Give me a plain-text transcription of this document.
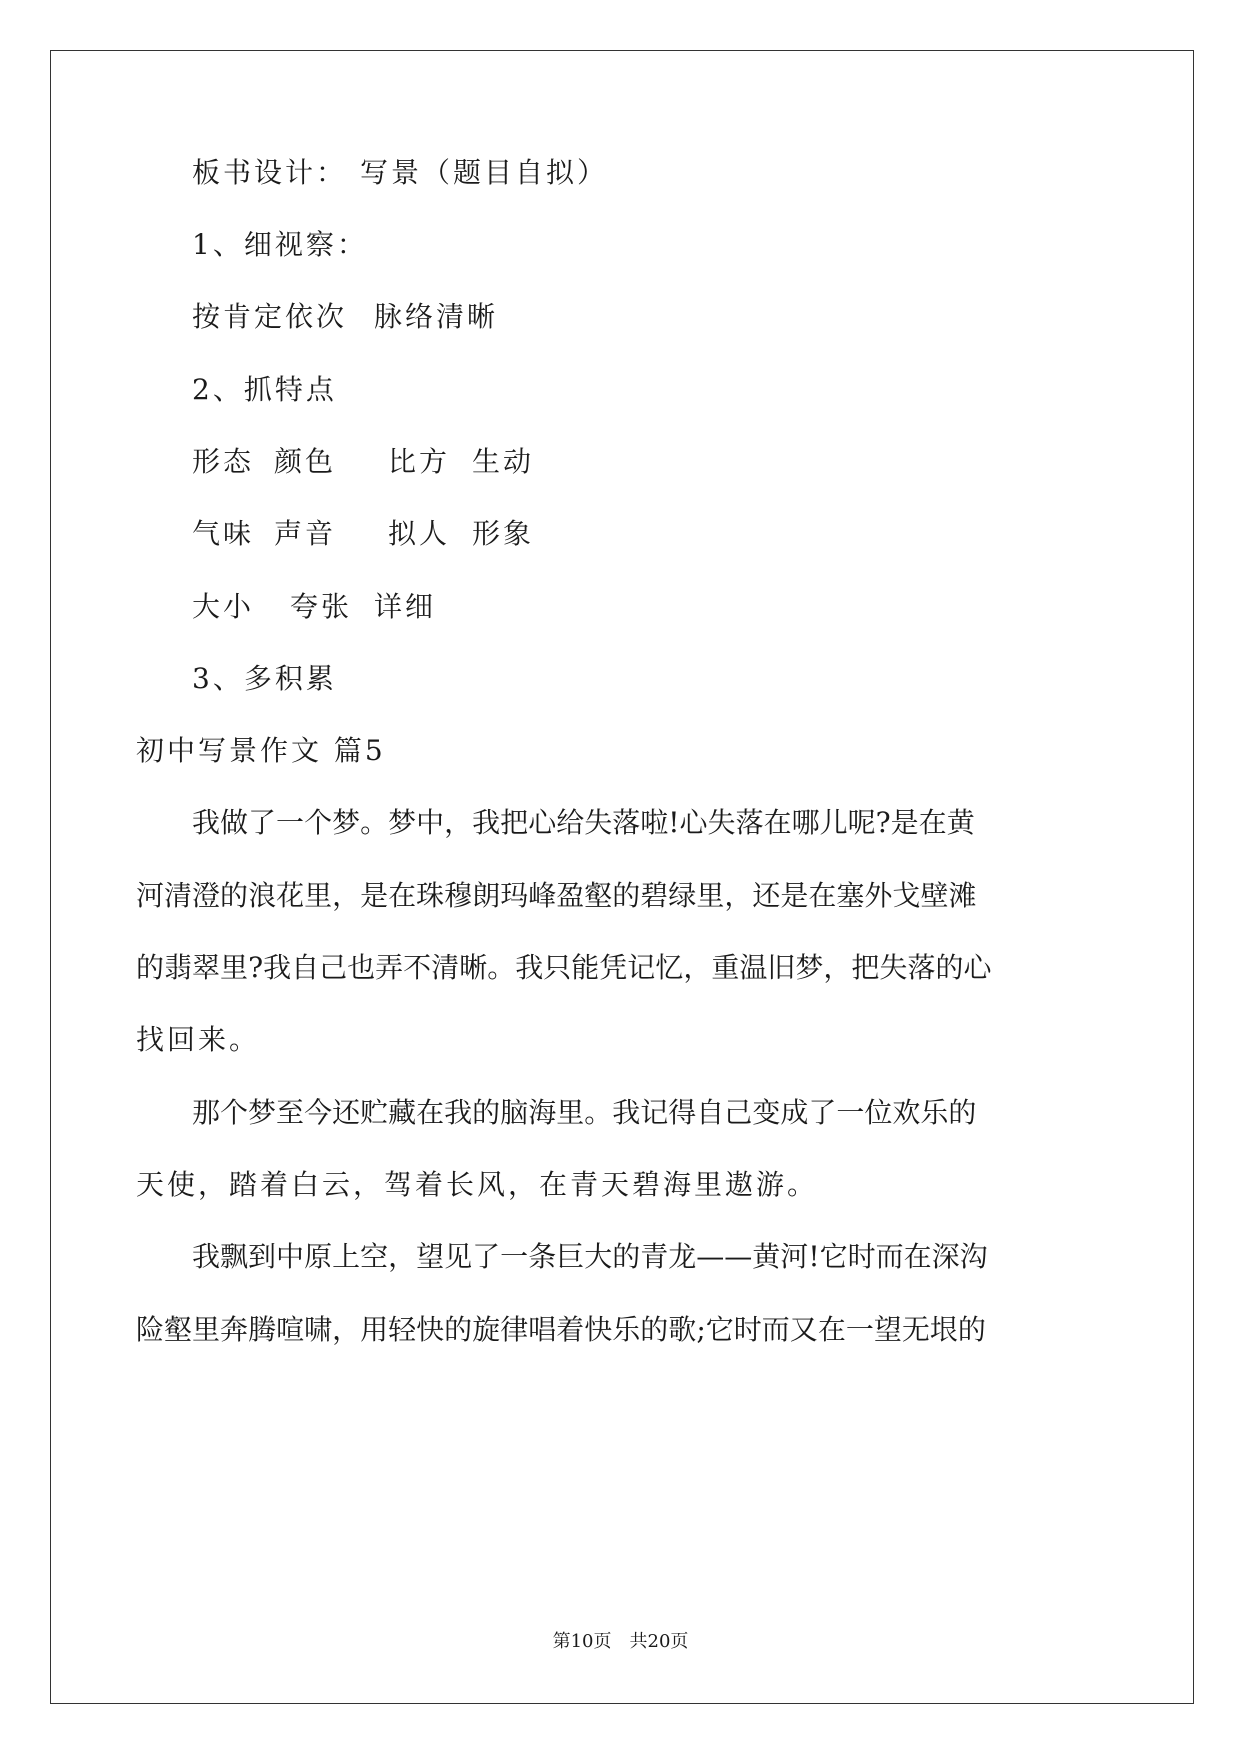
板书设计： 写景（题目自拟）
1、细视察：
按肯定依次 脉络清晰
2、抓特点
形态 颜色 比方 生动
气味 声音 拟人 形象
大小 夸张 详细
3、多积累
初中写景作文 篇5
我 做 了 一 个 梦 。 梦 中 ， 我 把 心 给 失 落 啦 ! 心 失 落 在 哪 儿 呢 ? 是 在 黄
河 清 澄 的 浪 花 里 ， 是 在 珠 穆 朗 玛 峰 盈 壑 的 碧 绿 里 ， 还 是 在 塞 外 戈 壁 滩
的 翡 翠 里 ? 我 自 己 也 弄 不 清 晰 。 我 只 能 凭 记 忆 ， 重 温 旧 梦 ， 把 失 落 的 心
找回来。
那 个 梦 至 今 还 贮 藏 在 我 的 脑 海 里 。 我 记 得 自 己 变 成 了 一 位 欢 乐 的
天使，踏着白云，驾着长风，在青天碧海里遨游。
我 飘 到 中 原 上 空 ， 望 见 了 一 条 巨 大 的 青 龙 — — 黄 河 ! 它 时 而 在 深 沟
险 壑 里 奔 腾 喧 啸 ， 用 轻 快 的 旋 律 唱 着 快 乐 的 歌 ; 它 时 而 又 在 一 望 无 垠 的
第10页　共20页
